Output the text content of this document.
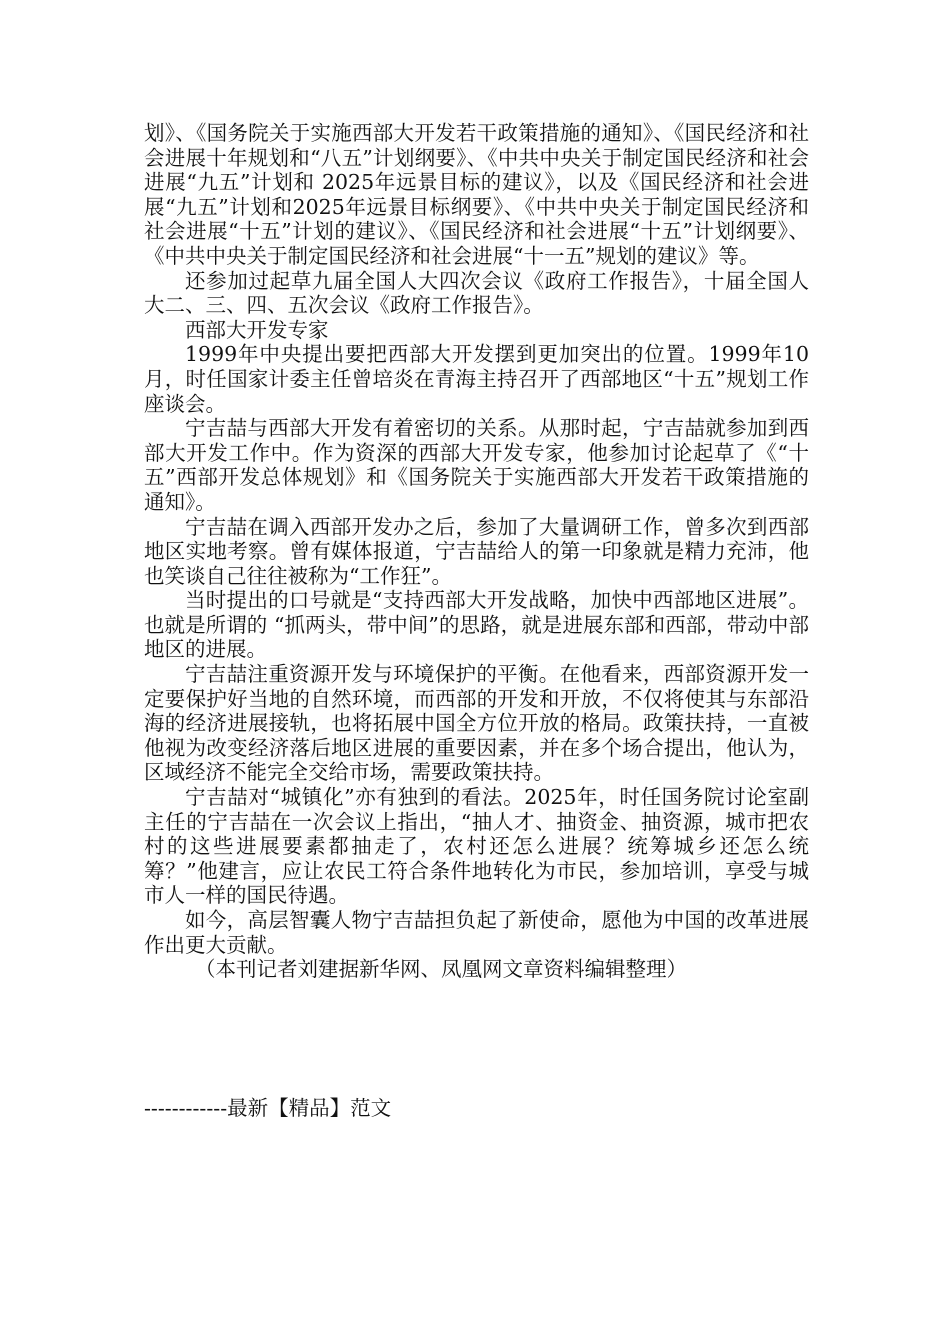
划》、《国务院关于实施西部大开发若干政策措施的通知》、《国民经济和社会进展十年规划和“八五”计划纲要》、《中共中央关于制定国民经济和社会进展“九五”计划和 2025年远景目标的建议》，以及《国民经济和社会进展“九五”计划和2025年远景目标纲要》、《中共中央关于制定国民经济和社会进展“十五”计划的建议》、《国民经济和社会进展“十五”计划纲要》、《中共中央关于制定国民经济和社会进展“十一五”规划的建议》等。

还参加过起草九届全国人大四次会议《政府工作报告》，十届全国人大二、三、四、五次会议《政府工作报告》。

西部大开发专家

1999年中央提出要把西部大开发摆到更加突出的位置。1999年10月，时任国家计委主任曾培炎在青海主持召开了西部地区“十五”规划工作座谈会。

宁吉喆与西部大开发有着密切的关系。从那时起，宁吉喆就参加到西部大开发工作中。作为资深的西部大开发专家，他参加讨论起草了《“十五”西部开发总体规划》和《国务院关于实施西部大开发若干政策措施的通知》。

宁吉喆在调入西部开发办之后，参加了大量调研工作，曾多次到西部地区实地考察。曾有媒体报道，宁吉喆给人的第一印象就是精力充沛，他也笑谈自己往往被称为“工作狂”。

当时提出的口号就是“支持西部大开发战略，加快中西部地区进展”。也就是所谓的 “抓两头，带中间”的思路，就是进展东部和西部，带动中部地区的进展。

宁吉喆注重资源开发与环境保护的平衡。在他看来，西部资源开发一定要保护好当地的自然环境，而西部的开发和开放，不仅将使其与东部沿海的经济进展接轨，也将拓展中国全方位开放的格局。政策扶持，一直被他视为改变经济落后地区进展的重要因素，并在多个场合提出，他认为，区域经济不能完全交给市场，需要政策扶持。

宁吉喆对“城镇化”亦有独到的看法。2025年，时任国务院讨论室副主任的宁吉喆在一次会议上指出，“抽人才、抽资金、抽资源，城市把农村的这些进展要素都抽走了，农村还怎么进展？统筹城乡还怎么统筹？”他建言，应让农民工符合条件地转化为市民，参加培训，享受与城市人一样的国民待遇。

如今，高层智囊人物宁吉喆担负起了新使命，愿他为中国的改革进展作出更大贡献。

（本刊记者刘建据新华网、凤凰网文章资料编辑整理）

------------最新【精品】范文
